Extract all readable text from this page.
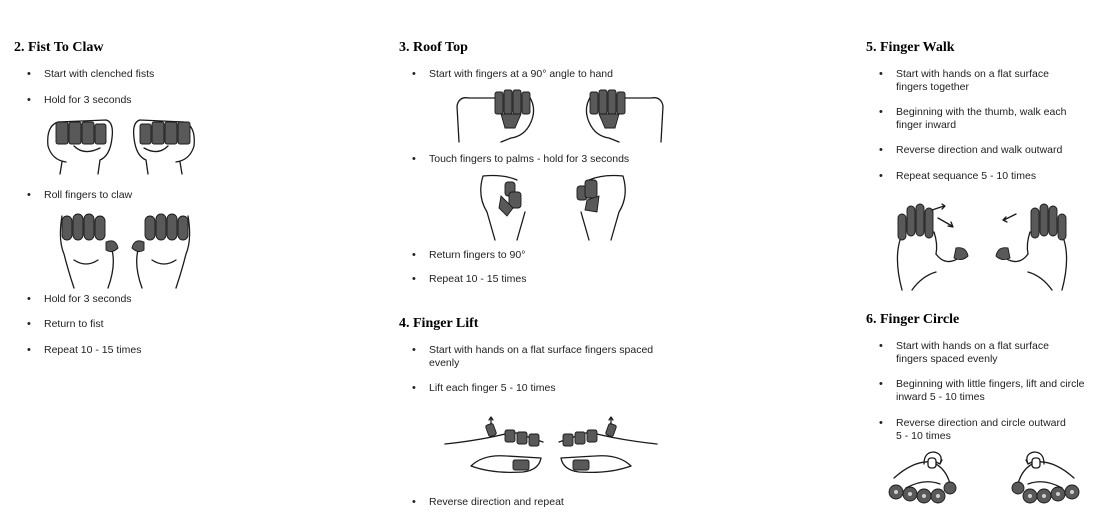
2. Fist To Claw
• Start with clenched fists
• Hold for 3 seconds
• Roll fingers to claw
• Hold for 3 seconds
• Return to fist
• Repeat 10 - 15 times
3. Roof Top
• Start with fingers at a 90° angle to hand
• Touch fingers to palms - hold for 3 seconds
• Return fingers to 90°
• Repeat 10 - 15 times
4. Finger Lift
• Start with hands on a flat surface fingers spaced
evenly
• Lift each finger 5 - 10 times
• Reverse direction and repeat
5. Finger Walk
• Start with hands on a flat surface
fingers together
• Beginning with the thumb, walk each
finger inward
• Reverse direction and walk outward
• Repeat sequance 5 - 10 times
6. Finger Circle
• Start with hands on a flat surface
fingers spaced evenly
• Beginning with little fingers, lift and circle
inward 5 - 10 times
• Reverse direction and circle outward
5 - 10 times
